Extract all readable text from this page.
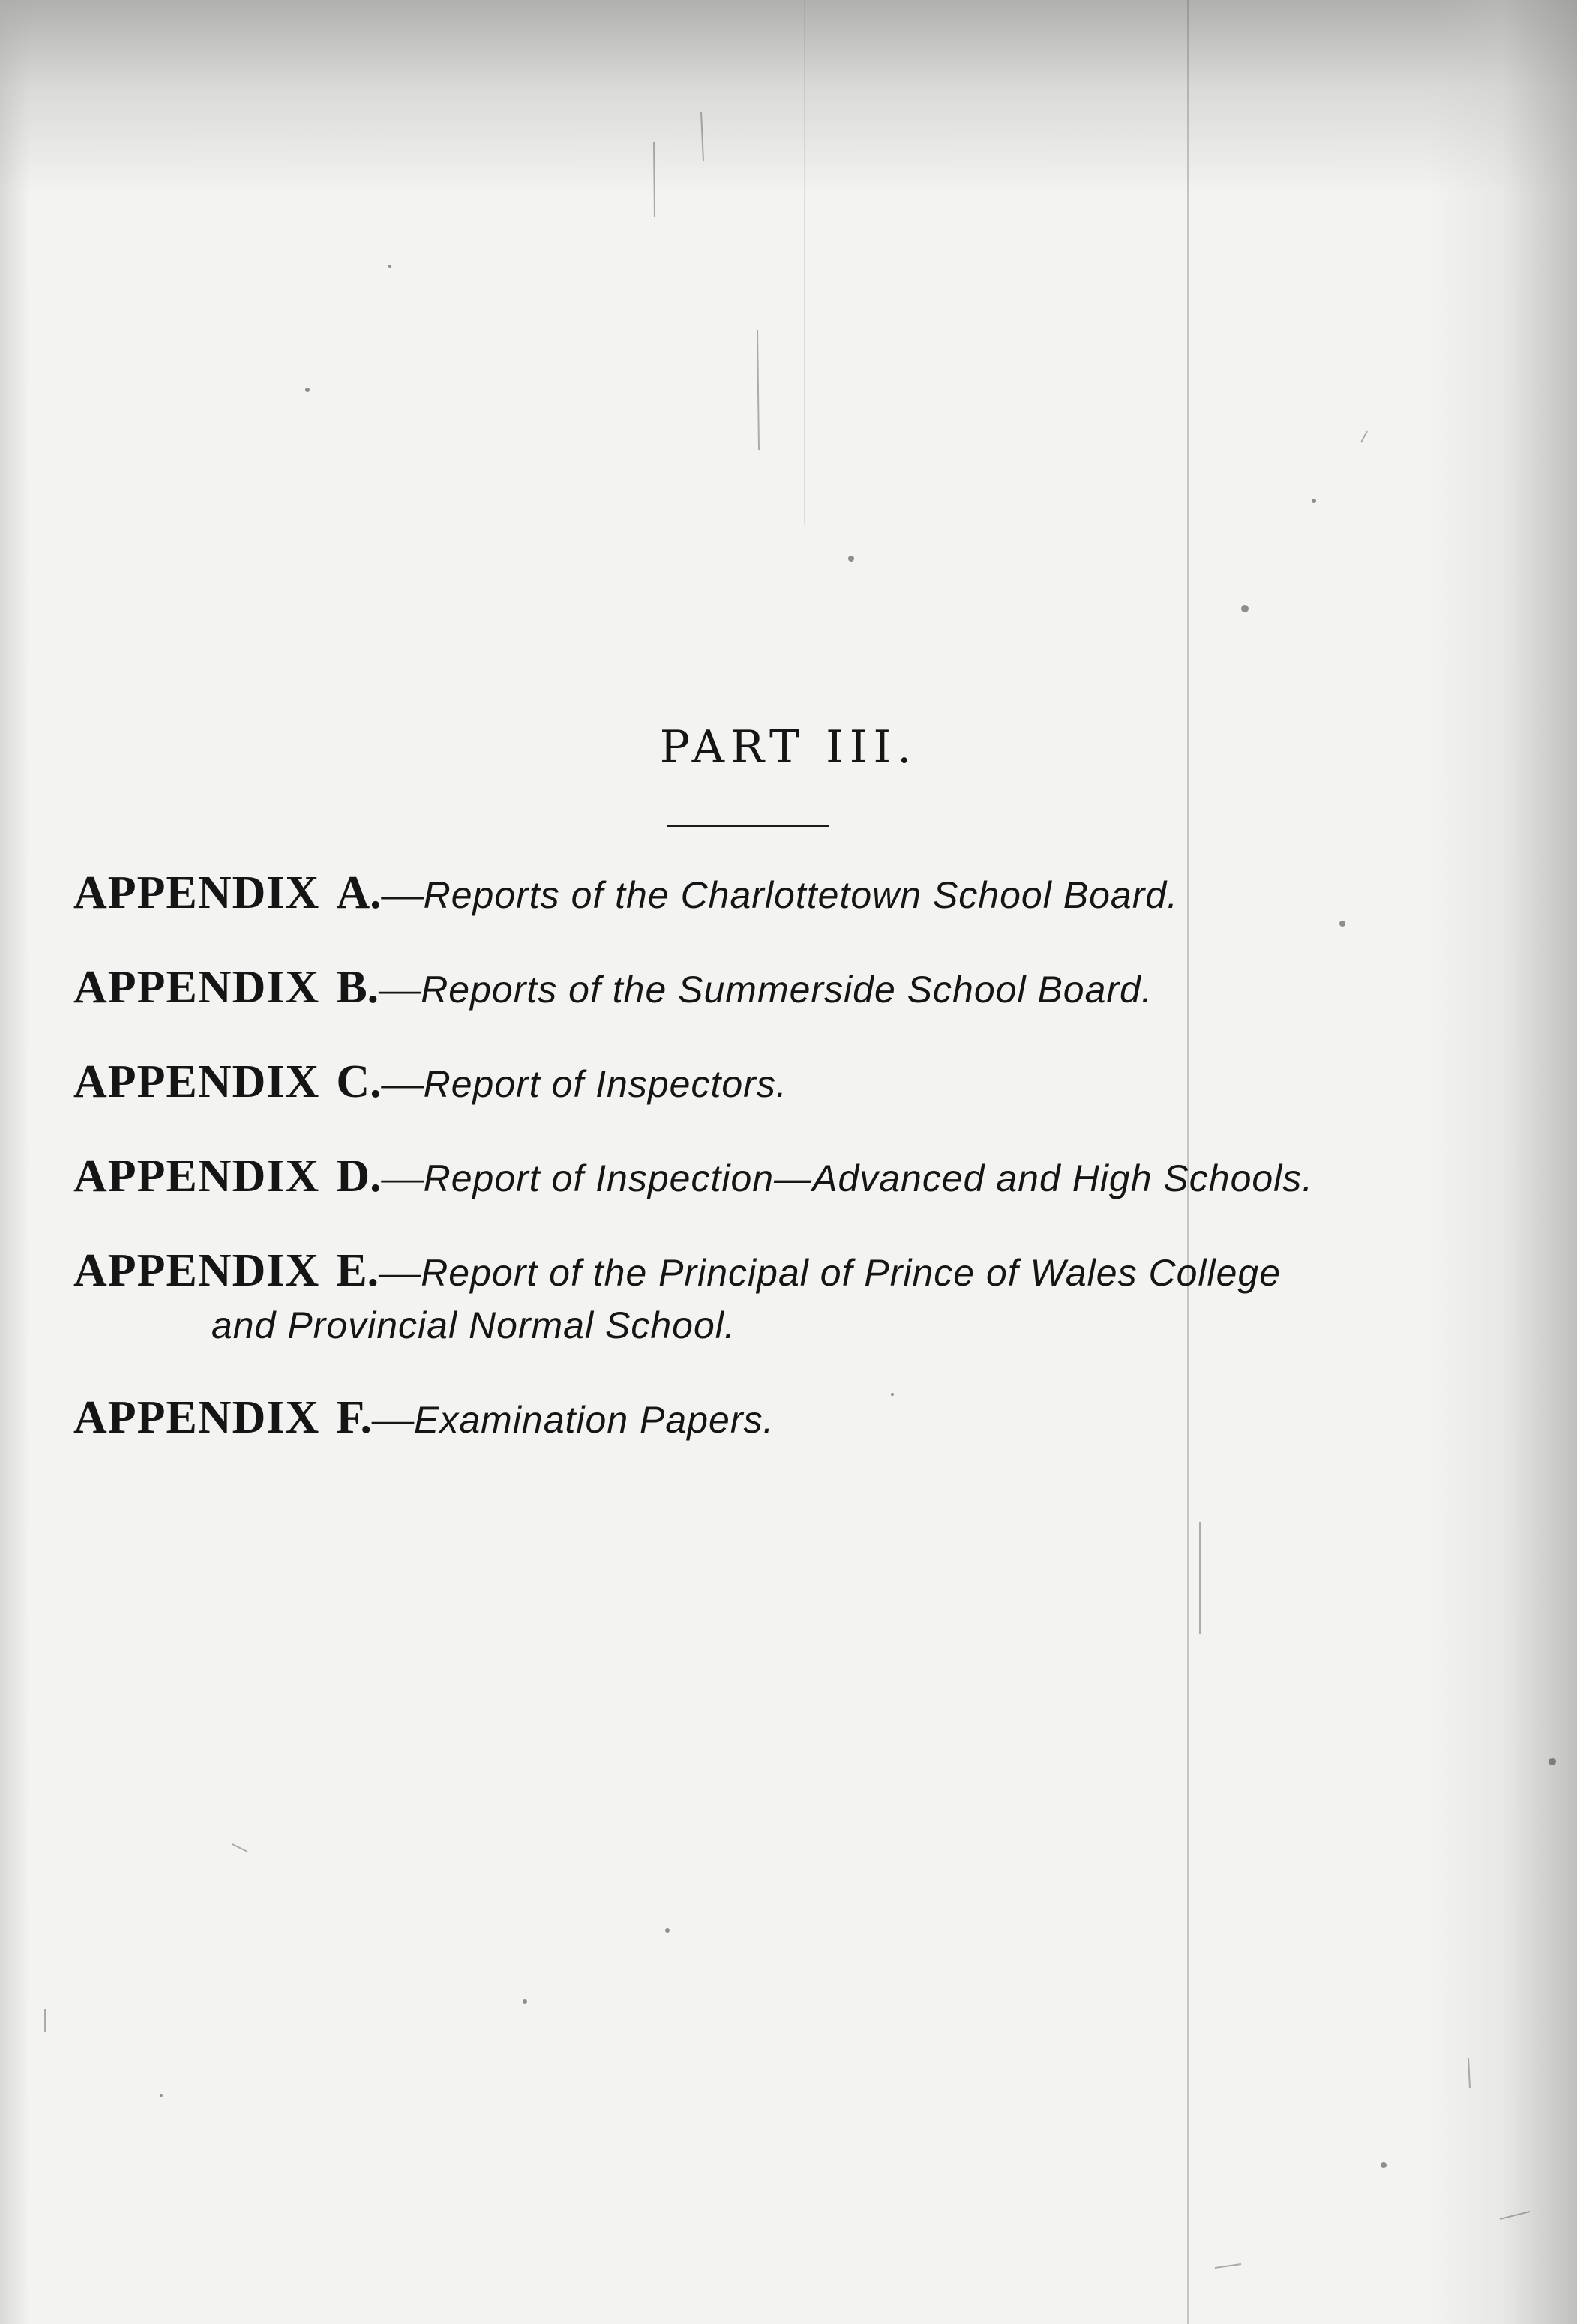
PART III.

APPENDIX A.—Reports of the Charlottetown School Board.

APPENDIX B.—Reports of the Summerside School Board.

APPENDIX C.—Report of Inspectors.

APPENDIX D.—Report of Inspection—Advanced and High Schools.

APPENDIX E.—Report of the Principal of Prince of Wales College
and Provincial Normal School.

APPENDIX F.—Examination Papers.
